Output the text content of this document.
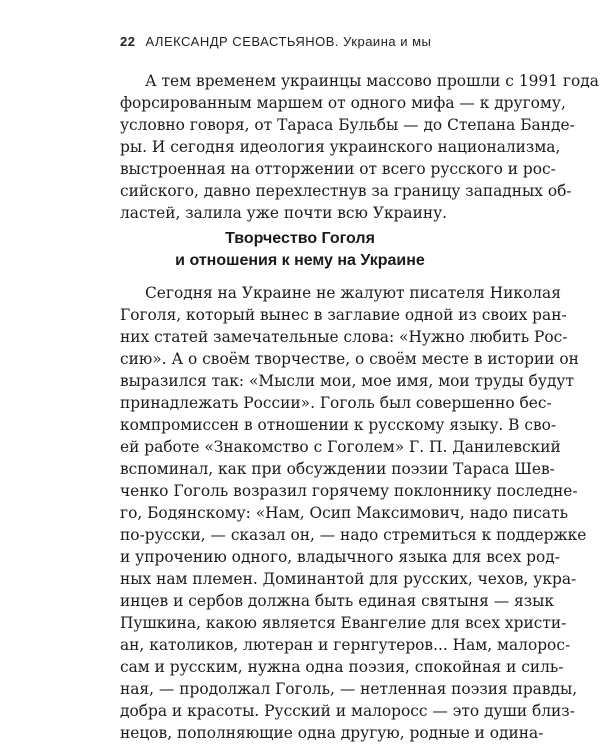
22 АЛЕКСАНДР СЕВАСТЬЯНОВ. Украина и мы
А тем временем украинцы массово прошли с 1991 года
форсированным маршем от одного мифа — к другому,
условно говоря, от Тараса Бульбы — до Степана Банде-
ры. И сегодня идеология украинского национализма,
выстроенная на отторжении от всего русского и рос-
сийского, давно перехлестнув за границу западных об-
ластей, залила уже почти всю Украину.
Творчество Гоголя
и отношения к нему на Украине
Сегодня на Украине не жалуют писателя Николая
Гоголя, который вынес в заглавие одной из своих ран-
них статей замечательные слова: «Нужно любить Рос-
сию». А о своём творчестве, о своём месте в истории он
выразился так: «Мысли мои, мое имя, мои труды будут
принадлежать России». Гоголь был совершенно бес-
компромиссен в отношении к русскому языку. В сво-
ей работе «Знакомство с Гоголем» Г. П. Данилевский
вспоминал, как при обсуждении поэзии Тараса Шев-
ченко Гоголь возразил горячему поклоннику последне-
го, Бодянскому: «Нам, Осип Максимович, надо писать
по-русски, — сказал он, — надо стремиться к поддержке
и упрочению одного, владычного языка для всех род-
ных нам племен. Доминантой для русских, чехов, укра-
инцев и сербов должна быть единая святыня — язык
Пушкина, какою является Евангелие для всех христи-
ан, католиков, лютеран и гернгутеров... Нам, малорос-
сам и русским, нужна одна поэзия, спокойная и силь-
ная, — продолжал Гоголь, — нетленная поэзия правды,
добра и красоты. Русский и малоросс — это души близ-
нецов, пополняющие одна другую, родные и одина-
